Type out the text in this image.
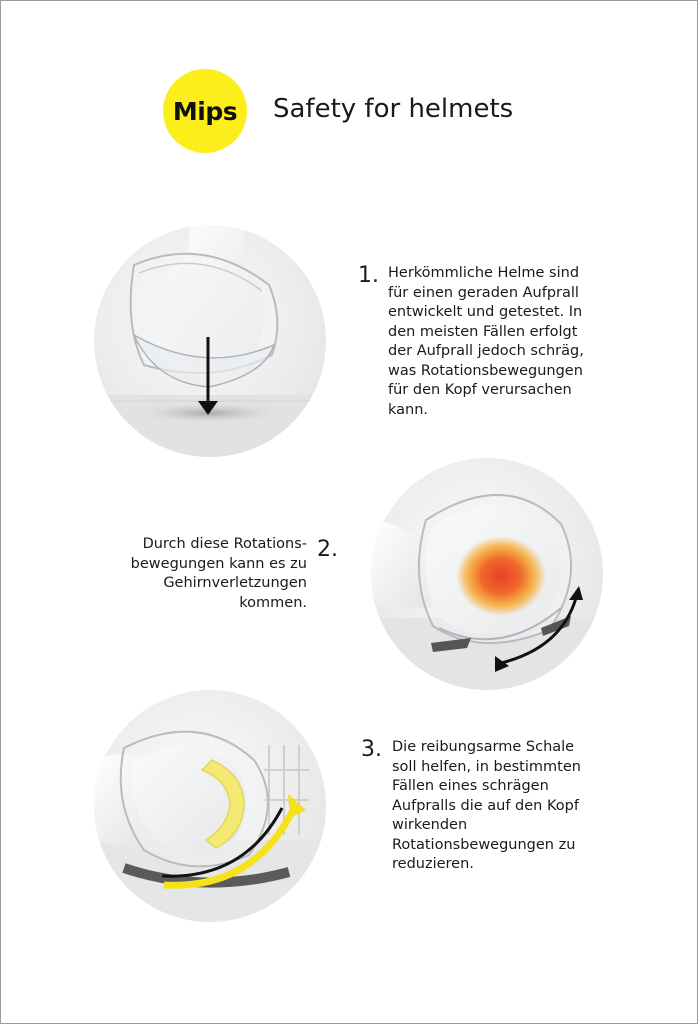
Mips Safety for helmets
1. Herkömmliche Helme sind
für einen geraden Aufprall
entwickelt und getestet. In
den meisten Fällen erfolgt
der Aufprall jedoch schräg,
was Rotationsbewegungen
für den Kopf verursachen
kann.
2.
Durch diese Rotations-
bewegungen kann es zu
Gehirnverletzungen
kommen.
3. Die reibungsarme Schale
soll helfen, in bestimmten
Fällen eines schrägen
Aufpralls die auf den Kopf
wirkenden
Rotationsbewegungen zu
reduzieren.
